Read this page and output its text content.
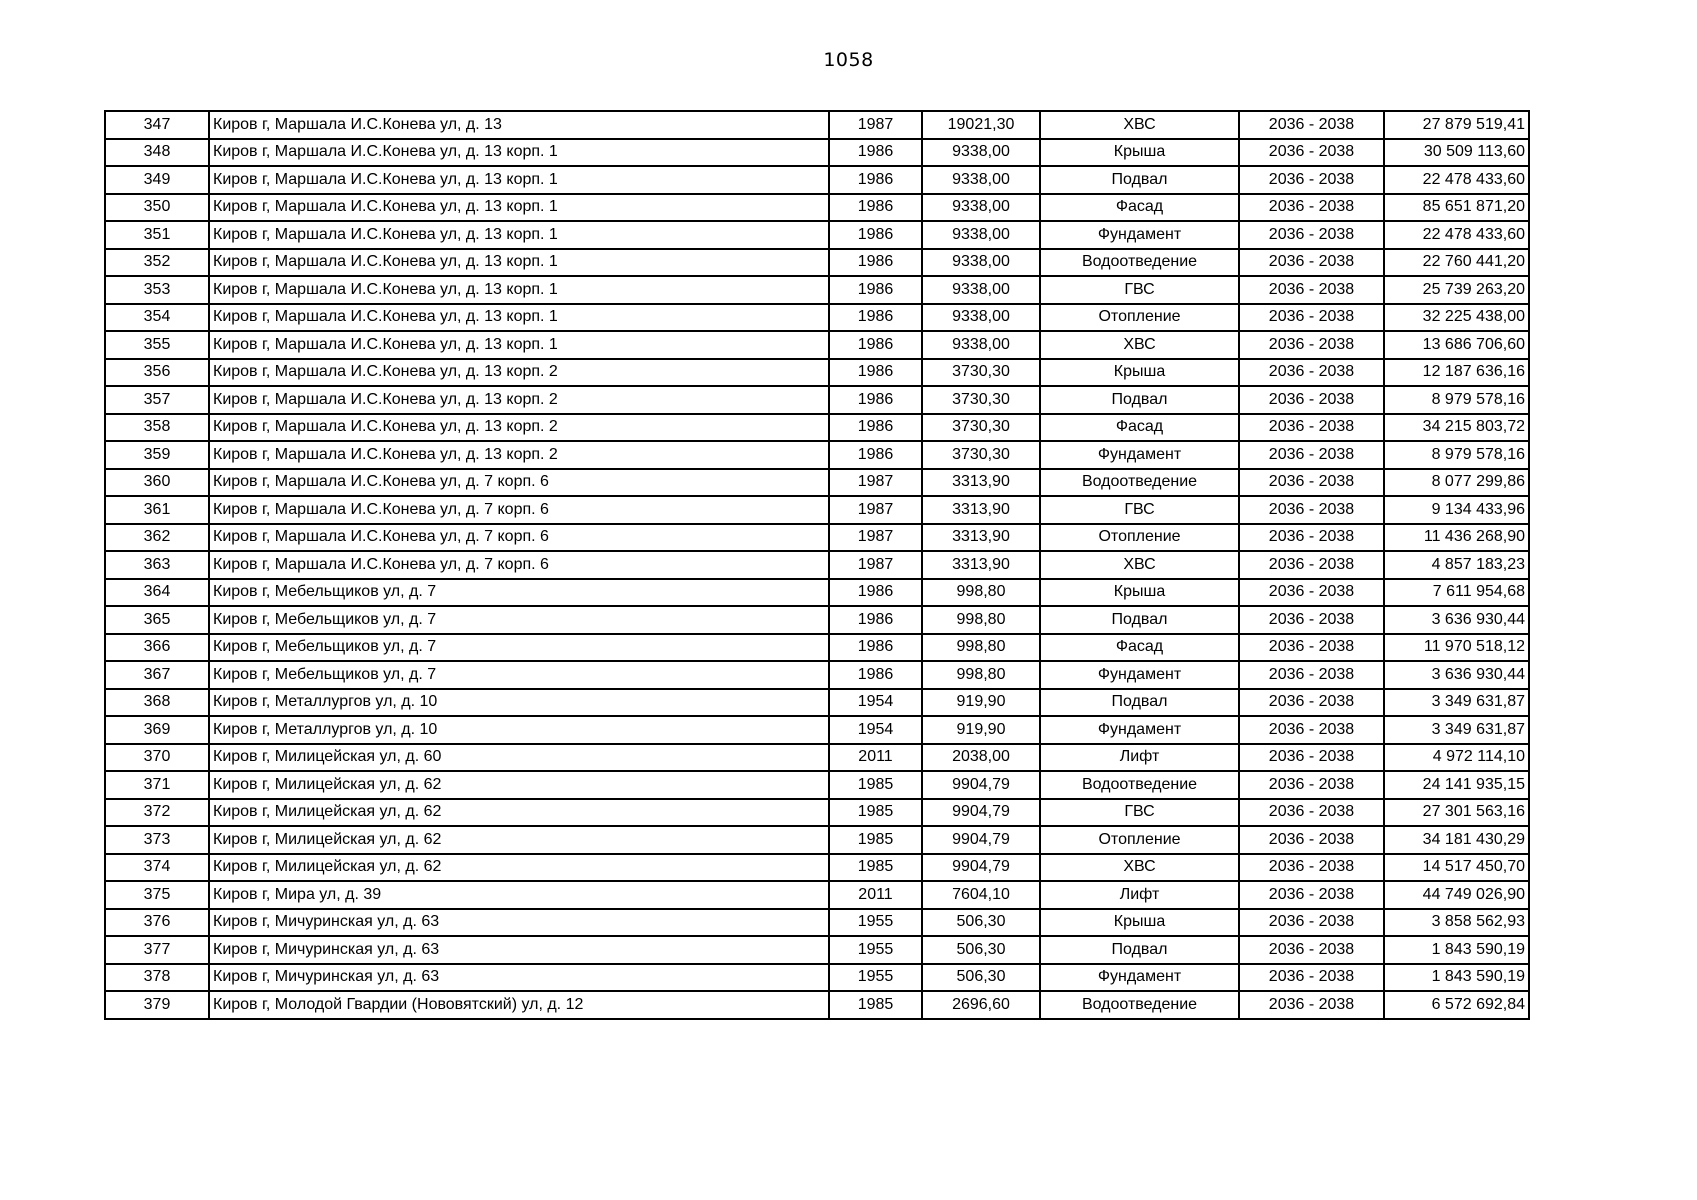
1058
347	Киров г, Маршала И.С.Конева ул, д. 13	1987	19021,30	ХВС	2036 - 2038	27 879 519,41
348	Киров г, Маршала И.С.Конева ул, д. 13 корп. 1	1986	9338,00	Крыша	2036 - 2038	30 509 113,60
349	Киров г, Маршала И.С.Конева ул, д. 13 корп. 1	1986	9338,00	Подвал	2036 - 2038	22 478 433,60
350	Киров г, Маршала И.С.Конева ул, д. 13 корп. 1	1986	9338,00	Фасад	2036 - 2038	85 651 871,20
351	Киров г, Маршала И.С.Конева ул, д. 13 корп. 1	1986	9338,00	Фундамент	2036 - 2038	22 478 433,60
352	Киров г, Маршала И.С.Конева ул, д. 13 корп. 1	1986	9338,00	Водоотведение	2036 - 2038	22 760 441,20
353	Киров г, Маршала И.С.Конева ул, д. 13 корп. 1	1986	9338,00	ГВС	2036 - 2038	25 739 263,20
354	Киров г, Маршала И.С.Конева ул, д. 13 корп. 1	1986	9338,00	Отопление	2036 - 2038	32 225 438,00
355	Киров г, Маршала И.С.Конева ул, д. 13 корп. 1	1986	9338,00	ХВС	2036 - 2038	13 686 706,60
356	Киров г, Маршала И.С.Конева ул, д. 13 корп. 2	1986	3730,30	Крыша	2036 - 2038	12 187 636,16
357	Киров г, Маршала И.С.Конева ул, д. 13 корп. 2	1986	3730,30	Подвал	2036 - 2038	8 979 578,16
358	Киров г, Маршала И.С.Конева ул, д. 13 корп. 2	1986	3730,30	Фасад	2036 - 2038	34 215 803,72
359	Киров г, Маршала И.С.Конева ул, д. 13 корп. 2	1986	3730,30	Фундамент	2036 - 2038	8 979 578,16
360	Киров г, Маршала И.С.Конева ул, д. 7 корп. 6	1987	3313,90	Водоотведение	2036 - 2038	8 077 299,86
361	Киров г, Маршала И.С.Конева ул, д. 7 корп. 6	1987	3313,90	ГВС	2036 - 2038	9 134 433,96
362	Киров г, Маршала И.С.Конева ул, д. 7 корп. 6	1987	3313,90	Отопление	2036 - 2038	11 436 268,90
363	Киров г, Маршала И.С.Конева ул, д. 7 корп. 6	1987	3313,90	ХВС	2036 - 2038	4 857 183,23
364	Киров г, Мебельщиков ул, д. 7	1986	998,80	Крыша	2036 - 2038	7 611 954,68
365	Киров г, Мебельщиков ул, д. 7	1986	998,80	Подвал	2036 - 2038	3 636 930,44
366	Киров г, Мебельщиков ул, д. 7	1986	998,80	Фасад	2036 - 2038	11 970 518,12
367	Киров г, Мебельщиков ул, д. 7	1986	998,80	Фундамент	2036 - 2038	3 636 930,44
368	Киров г, Металлургов ул, д. 10	1954	919,90	Подвал	2036 - 2038	3 349 631,87
369	Киров г, Металлургов ул, д. 10	1954	919,90	Фундамент	2036 - 2038	3 349 631,87
370	Киров г, Милицейская ул, д. 60	2011	2038,00	Лифт	2036 - 2038	4 972 114,10
371	Киров г, Милицейская ул, д. 62	1985	9904,79	Водоотведение	2036 - 2038	24 141 935,15
372	Киров г, Милицейская ул, д. 62	1985	9904,79	ГВС	2036 - 2038	27 301 563,16
373	Киров г, Милицейская ул, д. 62	1985	9904,79	Отопление	2036 - 2038	34 181 430,29
374	Киров г, Милицейская ул, д. 62	1985	9904,79	ХВС	2036 - 2038	14 517 450,70
375	Киров г, Мира ул, д. 39	2011	7604,10	Лифт	2036 - 2038	44 749 026,90
376	Киров г, Мичуринская ул, д. 63	1955	506,30	Крыша	2036 - 2038	3 858 562,93
377	Киров г, Мичуринская ул, д. 63	1955	506,30	Подвал	2036 - 2038	1 843 590,19
378	Киров г, Мичуринская ул, д. 63	1955	506,30	Фундамент	2036 - 2038	1 843 590,19
379	Киров г, Молодой Гвардии (Нововятский) ул, д. 12	1985	2696,60	Водоотведение	2036 - 2038	6 572 692,84
